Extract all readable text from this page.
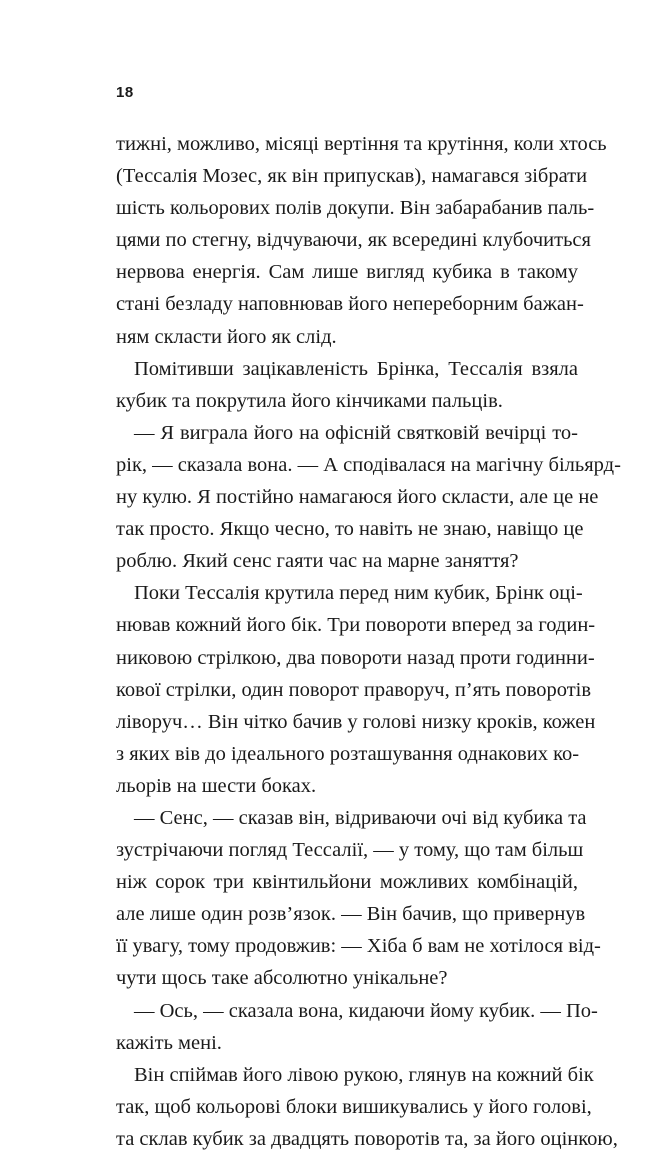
18
тижні, можливо, місяці вертіння та крутіння, коли хтось
(Тессалія Мозес, як він припускав), намагався зібрати
шість кольорових полів докупи. Він забарабанив паль-
цями по стегну, відчуваючи, як всередині клубочиться
нервова енергія. Сам лише вигляд кубика в такому
стані безладу наповнював його непереборним бажан-
ням скласти його як слід.
Помітивши зацікавленість Брінка, Тессалія взяла
кубик та покрутила його кінчиками пальців.
— Я виграла його на офісній святковій вечірці то-
рік, — сказала вона. — А сподівалася на магічну більярд-
ну кулю. Я постійно намагаюся його скласти, але це не
так просто. Якщо чесно, то навіть не знаю, навіщо це
роблю. Який сенс гаяти час на марне заняття?
Поки Тессалія крутила перед ним кубик, Брінк оці-
нював кожний його бік. Три повороти вперед за годин-
никовою стрілкою, два повороти назад проти годинни-
кової стрілки, один поворот праворуч, п’ять поворотів
ліворуч… Він чітко бачив у голові низку кроків, кожен
з яких вів до ідеального розташування однакових ко-
льорів на шести боках.
— Сенс, — сказав він, відриваючи очі від кубика та
зустрічаючи погляд Тессалії, — у тому, що там більш
ніж сорок три квінтильйони можливих комбінацій,
але лише один розв’язок. — Він бачив, що привернув
її увагу, тому продовжив: — Хіба б вам не хотілося від-
чути щось таке абсолютно унікальне?
— Ось, — сказала вона, кидаючи йому кубик. — По-
кажіть мені.
Він спіймав його лівою рукою, глянув на кожний бік
так, щоб кольорові блоки вишикувались у його голові,
та склав кубик за двадцять поворотів та, за його оцінкою,
